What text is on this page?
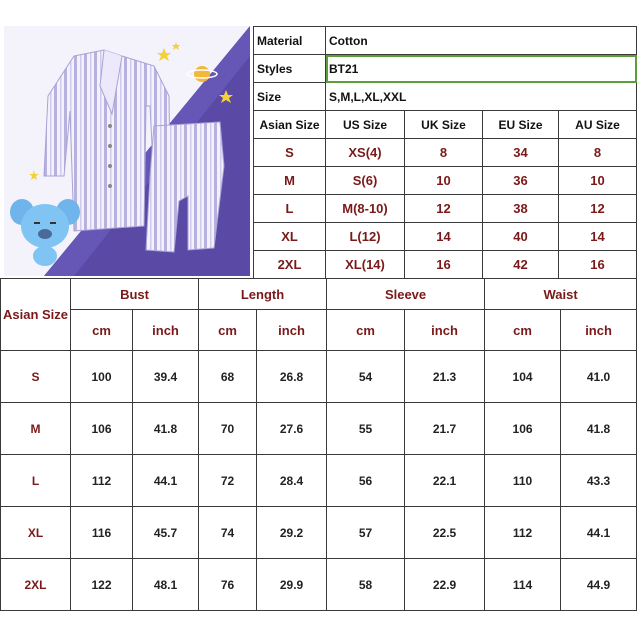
Material	Cotton			
Styles	BT21			
Size	S,M,L,XL,XXL			
Asian Size	US Size	UK Size	EU Size	AU Size
S	XS(4)	8	34	8
M	S(6)	10	36	10
L	M(8-10)	12	38	12
XL	L(12)	14	40	14
2XL	XL(14)	16	42	16
Asian Size	Bust		Length		Sleeve		Waist	
	cm	inch	cm	inch	cm	inch	cm	inch
S	100	39.4	68	26.8	54	21.3	104	41.0
M	106	41.8	70	27.6	55	21.7	106	41.8
L	112	44.1	72	28.4	56	22.1	110	43.3
XL	116	45.7	74	29.2	57	22.5	112	44.1
2XL	122	48.1	76	29.9	58	22.9	114	44.9
